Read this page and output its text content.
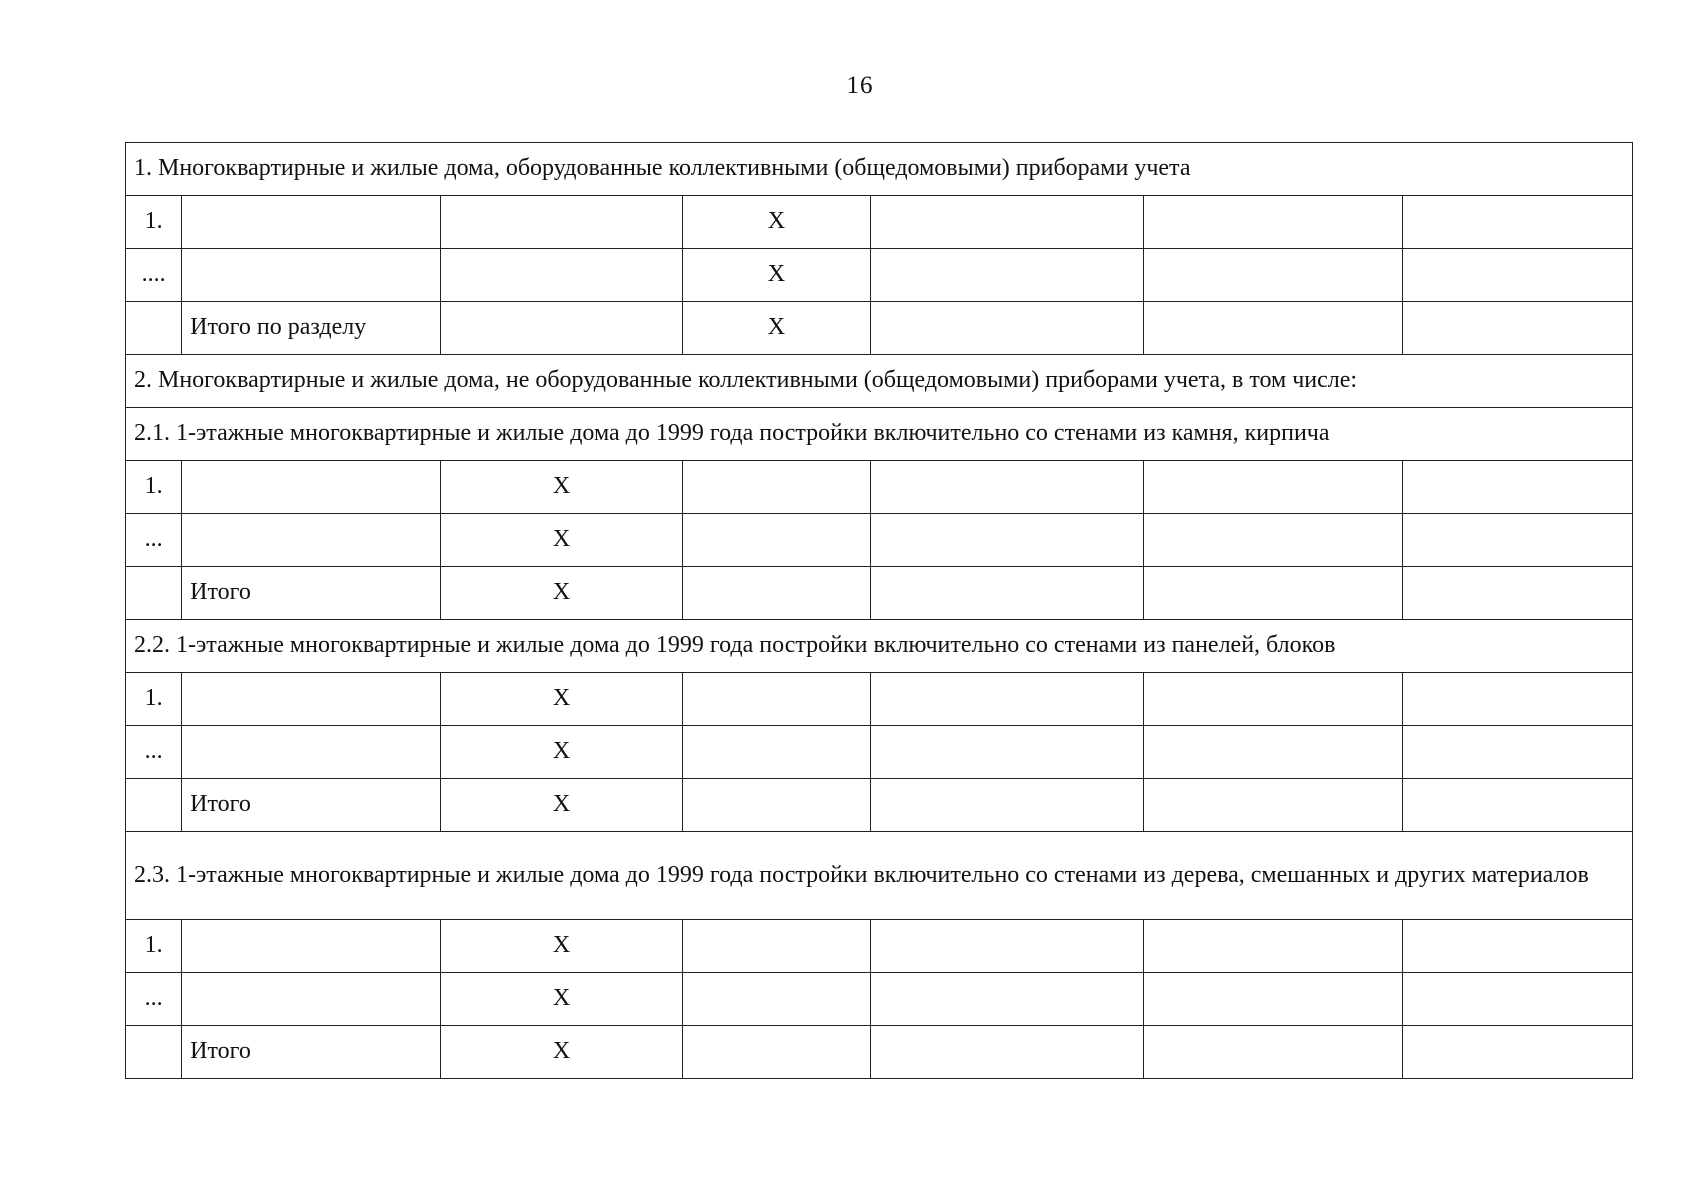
16
1. Многоквартирные и жилые дома, оборудованные коллективными (общедомовыми) приборами учета						
1.			X			
....			X			
	Итого по разделу		X			
2. Многоквартирные и жилые дома, не оборудованные коллективными (общедомовыми) приборами учета, в том числе:						
2.1. 1-этажные многоквартирные и жилые дома до 1999 года постройки включительно со стенами из камня, кирпича						
1.		X				
...		X				
	Итого	X				
2.2. 1-этажные многоквартирные и жилые дома до 1999 года постройки включительно со стенами из панелей, блоков						
1.		X				
...		X				
	Итого	X				
2.3. 1-этажные многоквартирные и жилые дома до 1999 года постройки включительно со стенами из дерева, смешанных и других материалов						
1.		X				
...		X				
	Итого	X				
